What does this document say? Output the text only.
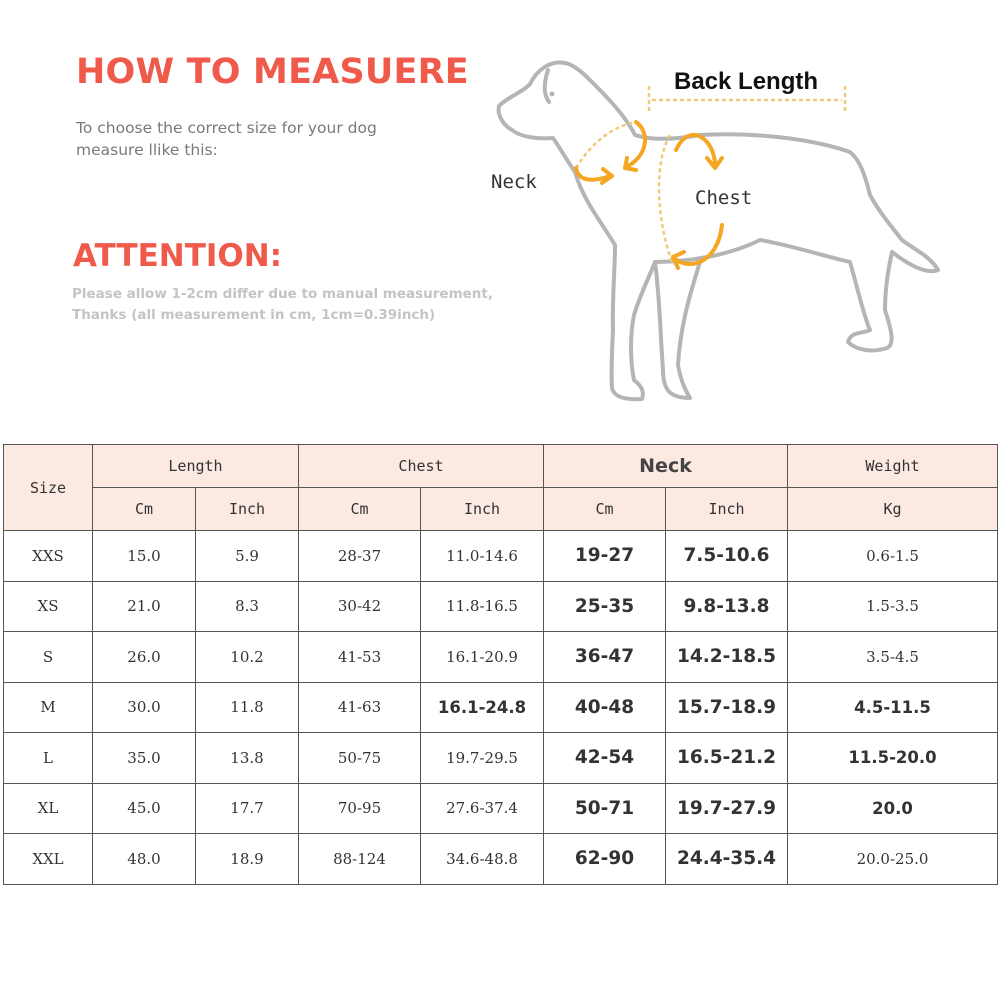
HOW TO MEASUERE
To choose the correct size for your dog
measure llike this:
ATTENTION:
Please allow 1-2cm differ due to manual measurement,
Thanks (all measurement in cm, 1cm=0.39inch)
Back Length
Neck
Chest
Size	Length		Chest		Neck		Weight
	Cm	Inch	Cm	Inch	Cm	Inch	Kg
XXS	15.0	5.9	28-37	11.0-14.6	19-27	7.5-10.6	0.6-1.5
XS	21.0	8.3	30-42	11.8-16.5	25-35	9.8-13.8	1.5-3.5
S	26.0	10.2	41-53	16.1-20.9	36-47	14.2-18.5	3.5-4.5
M	30.0	11.8	41-63	16.1-24.8	40-48	15.7-18.9	4.5-11.5
L	35.0	13.8	50-75	19.7-29.5	42-54	16.5-21.2	11.5-20.0
XL	45.0	17.7	70-95	27.6-37.4	50-71	19.7-27.9	20.0
XXL	48.0	18.9	88-124	34.6-48.8	62-90	24.4-35.4	20.0-25.0
